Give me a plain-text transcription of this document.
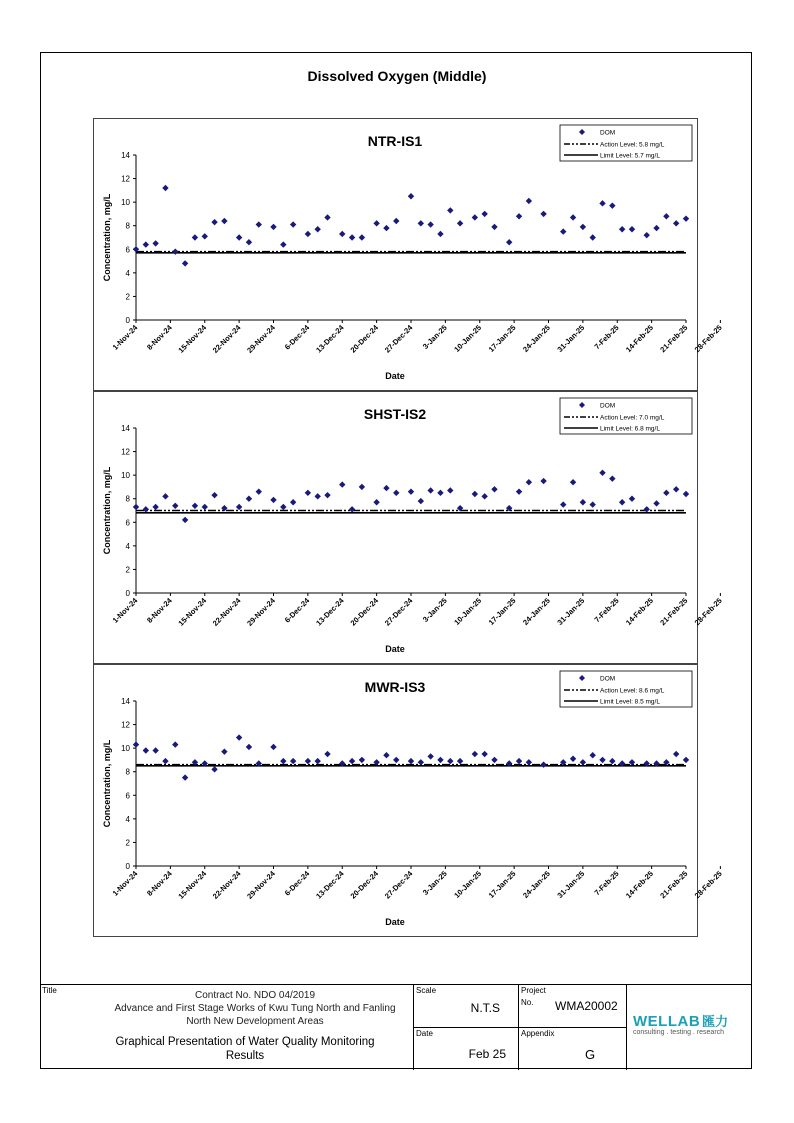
Dissolved Oxygen (Middle)
NTR-IS1
0
2
4
6
8
10
12
14
1-Nov-24 8-Nov-24 15-Nov-24 22-Nov-24 29-Nov-24 6-Dec-24 13-Dec-24 20-Dec-24 27-Dec-24 3-Jan-25 10-Jan-25 17-Jan-25 24-Jan-25 31-Jan-25 7-Feb-25 14-Feb-25 21-Feb-25 28-Feb-25
Date
Concentration, mg/L
DOM
Action Level: 5.8 mg/L
Limit Level: 5.7 mg/L
SHST-IS2
0
2
4
6
8
10
12
14
1-Nov-24 8-Nov-24 15-Nov-24 22-Nov-24 29-Nov-24 6-Dec-24 13-Dec-24 20-Dec-24 27-Dec-24 3-Jan-25 10-Jan-25 17-Jan-25 24-Jan-25 31-Jan-25 7-Feb-25 14-Feb-25 21-Feb-25 28-Feb-25
Date
Concentration, mg/L
DOM
Action Level: 7.0 mg/L
Limit Level: 6.8 mg/L
MWR-IS3
0
2
4
6
8
10
12
14
1-Nov-24 8-Nov-24 15-Nov-24 22-Nov-24 29-Nov-24 6-Dec-24 13-Dec-24 20-Dec-24 27-Dec-24 3-Jan-25 10-Jan-25 17-Jan-25 24-Jan-25 31-Jan-25 7-Feb-25 14-Feb-25 21-Feb-25 28-Feb-25
Date
Concentration, mg/L
DOM
Action Level: 8.6 mg/L
Limit Level: 8.5 mg/L
Title	Contract No. NDO 04/2019
Advance and First Stage Works of Kwu Tung North and Fanling
North New Development Areas
Graphical Presentation of Water Quality Monitoring
Results
Scale
N.T.S
Date
Feb 25
Project
No. WMA20002
Appendix
G
WELLAB 匯力
consulting . testing . research
